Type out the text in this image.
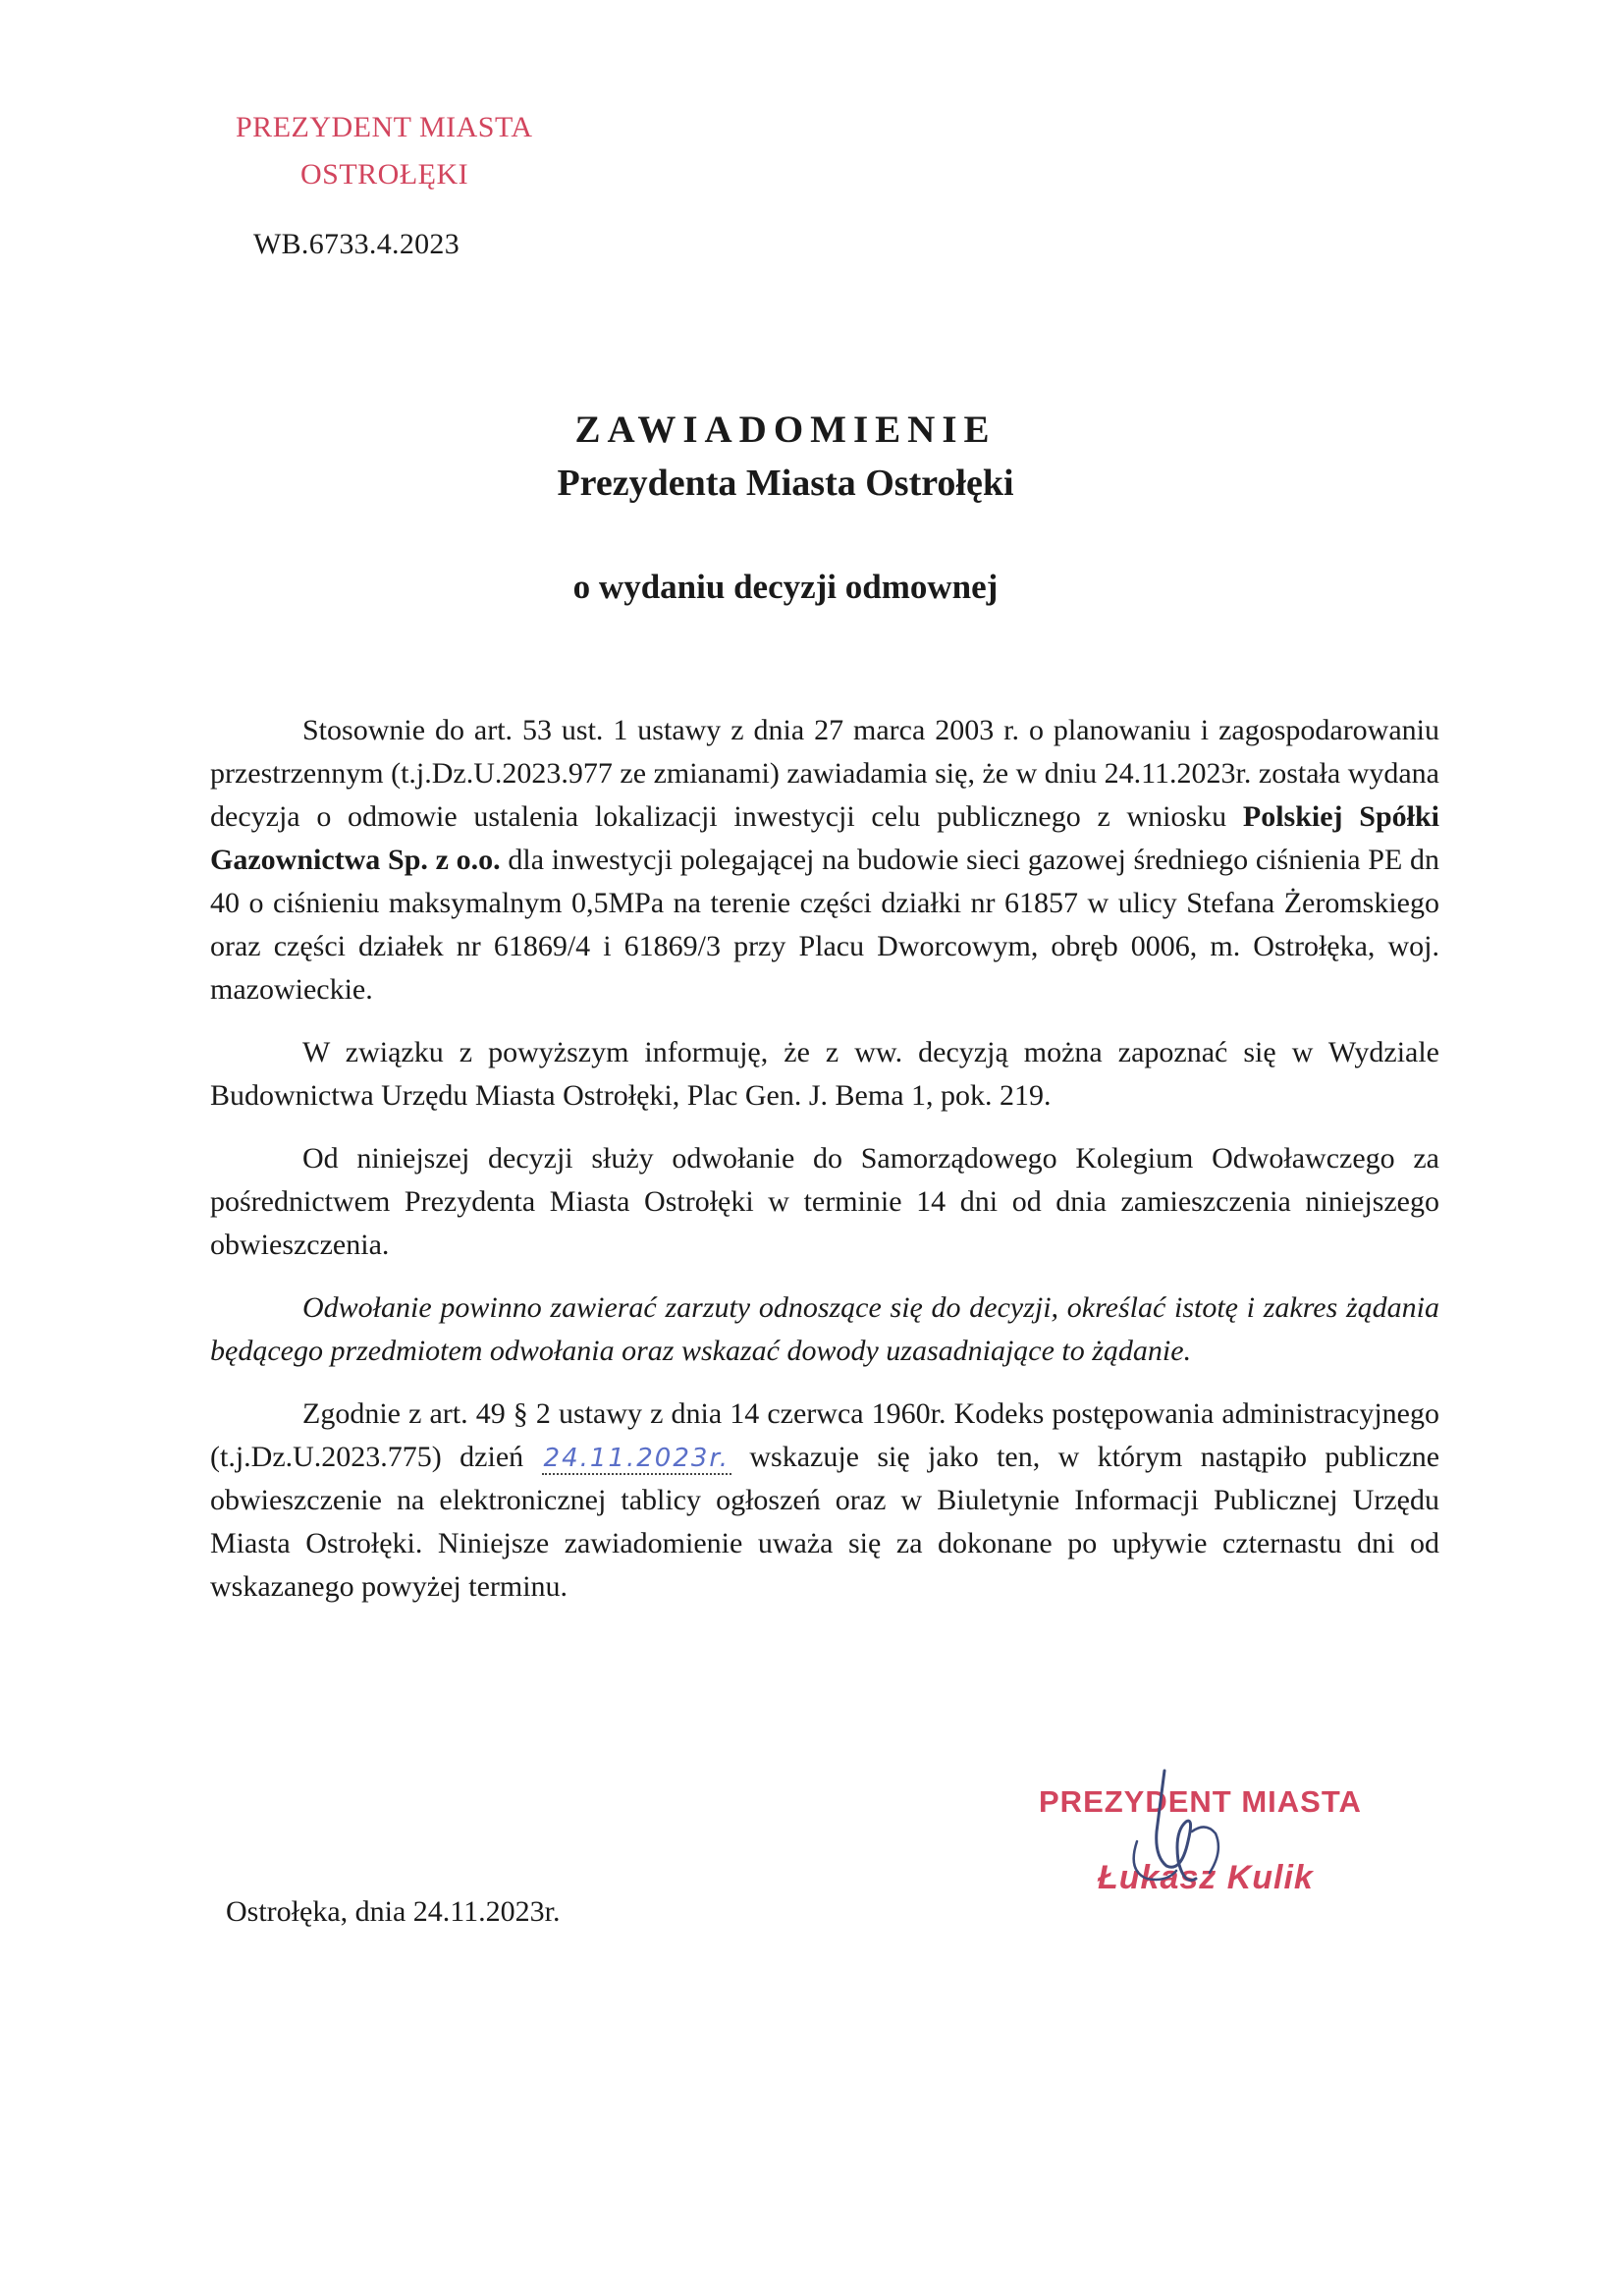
PREZYDENT MIASTA
OSTROŁĘKI
WB.6733.4.2023
ZAWIADOMIENIE
Prezydenta Miasta Ostrołęki
o wydaniu decyzji odmownej

Stosownie do art. 53 ust. 1 ustawy z dnia 27 marca 2003 r. o planowaniu i zagospodarowaniu przestrzennym (t.j.Dz.U.2023.977 ze zmianami) zawiadamia się, że w dniu 24.11.2023r. została wydana decyzja o odmowie ustalenia lokalizacji inwestycji celu publicznego z wniosku Polskiej Spółki Gazownictwa Sp. z o.o. dla inwestycji polegającej na budowie sieci gazowej średniego ciśnienia PE dn 40 o ciśnieniu maksymalnym 0,5MPa na terenie części działki nr 61857 w ulicy Stefana Żeromskiego oraz części działek nr 61869/4 i 61869/3 przy Placu Dworcowym, obręb 0006, m. Ostrołęka, woj. mazowieckie.

W związku z powyższym informuję, że z ww. decyzją można zapoznać się w Wydziale Budownictwa Urzędu Miasta Ostrołęki, Plac Gen. J. Bema 1, pok. 219.

Od niniejszej decyzji służy odwołanie do Samorządowego Kolegium Odwoławczego za pośrednictwem Prezydenta Miasta Ostrołęki w terminie 14 dni od dnia zamieszczenia niniejszego obwieszczenia.

Odwołanie powinno zawierać zarzuty odnoszące się do decyzji, określać istotę i zakres żądania będącego przedmiotem odwołania oraz wskazać dowody uzasadniające to żądanie.

Zgodnie z art. 49 § 2 ustawy z dnia 14 czerwca 1960r. Kodeks postępowania administracyjnego (t.j.Dz.U.2023.775) dzień 24.11.2023r. wskazuje się jako ten, w którym nastąpiło publiczne obwieszczenie na elektronicznej tablicy ogłoszeń oraz w Biuletynie Informacji Publicznej Urzędu Miasta Ostrołęki. Niniejsze zawiadomienie uważa się za dokonane po upływie czternastu dni od wskazanego powyżej terminu.

Ostrołęka, dnia 24.11.2023r.
PREZYDENT MIASTA
Łukasz Kulik
